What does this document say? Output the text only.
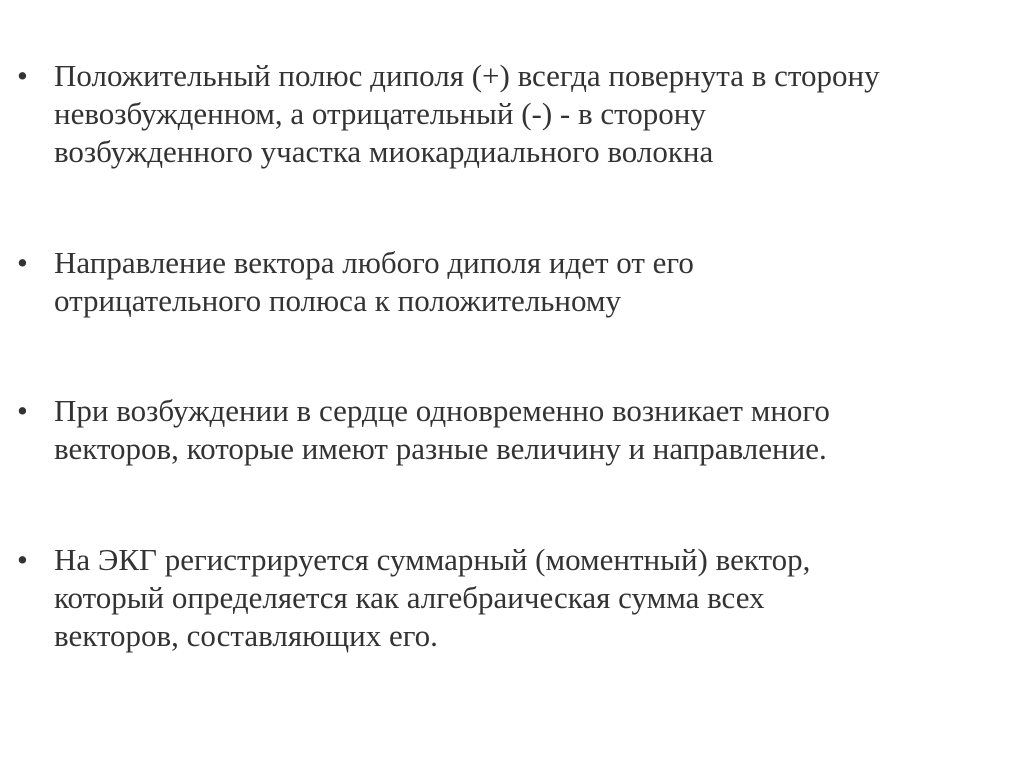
• Положительный полюс диполя (+) всегда повернута в сторону
невозбужденном, а отрицательный (-) - в сторону
возбужденного участка миокардиального волокна
• Направление вектора любого диполя идет от его
отрицательного полюса к положительному
• При возбуждении в сердце одновременно возникает много
векторов, которые имеют разные величину и направление.
• На ЭКГ регистрируется суммарный (моментный) вектор,
который определяется как алгебраическая сумма всех
векторов, составляющих его.
